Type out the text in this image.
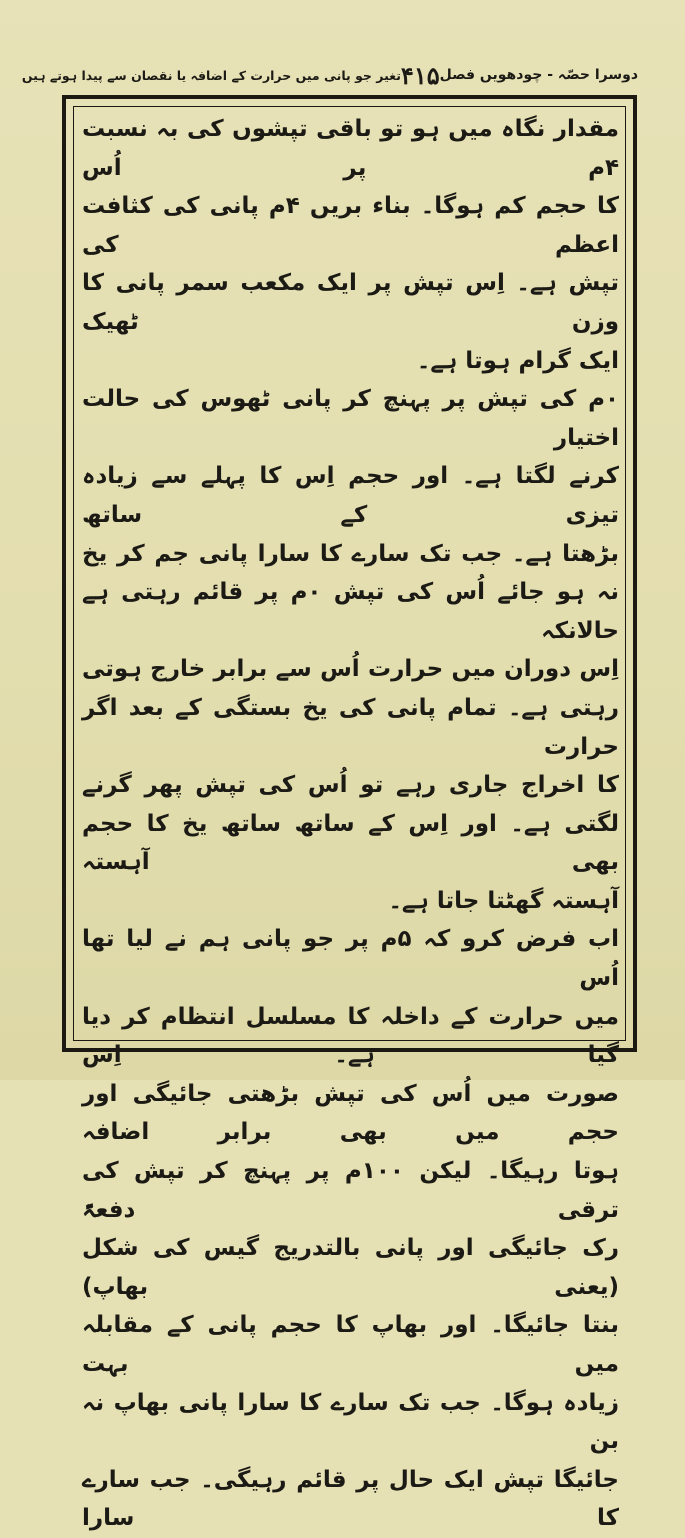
دوسرا حصّہ - چودھویں فصل
۴۱۵
تغیر جو پانی میں حرارت کے اضافہ یا نقصان سے پیدا ہوتے ہیں

مقدار نگاہ میں ہو تو باقی تپشوں کی بہ نسبت ۴م پر اُس

کا حجم کم ہوگا۔ بناء بریں ۴م پانی کی کثافت اعظم کی

تپش ہے۔ اِس تپش پر ایک مکعب سمر پانی کا وزن ٹھیک

ایک گرام ہوتا ہے۔

۰م کی تپش پر پہنچ کر پانی ٹھوس کی حالت اختیار

کرنے لگتا ہے۔ اور حجم اِس کا پہلے سے زیادہ تیزی کے ساتھ

بڑھتا ہے۔ جب تک سارے کا سارا پانی جم کر یخ

نہ ہو جائے اُس کی تپش ۰م پر قائم رہتی ہے حالانکہ

اِس دوران میں حرارت اُس سے برابر خارج ہوتی

رہتی ہے۔ تمام پانی کی یخ بستگی کے بعد اگر حرارت

کا اخراج جاری رہے تو اُس کی تپش پھر گرنے

لگتی ہے۔ اور اِس کے ساتھ ساتھ یخ کا حجم بھی آہستہ

آہستہ گھٹتا جاتا ہے۔

اب فرض کرو کہ ۵م پر جو پانی ہم نے لیا تھا اُس

میں حرارت کے داخلہ کا مسلسل انتظام کر دیا گیا ہے۔ اِس

صورت میں اُس کی تپش بڑھتی جائیگی اور حجم میں بھی برابر اضافہ

ہوتا رہیگا۔ لیکن ۱۰۰م پر پہنچ کر تپش کی ترقی دفعۃً

رک جائیگی اور پانی بالتدریج گیس کی شکل (یعنی بھاپ)

بنتا جائیگا۔ اور بھاپ کا حجم پانی کے مقابلہ میں بہت

زیادہ ہوگا۔ جب تک سارے کا سارا پانی بھاپ نہ بن

جائیگا تپش ایک حال پر قائم رہیگی۔ جب سارے کا سارا
